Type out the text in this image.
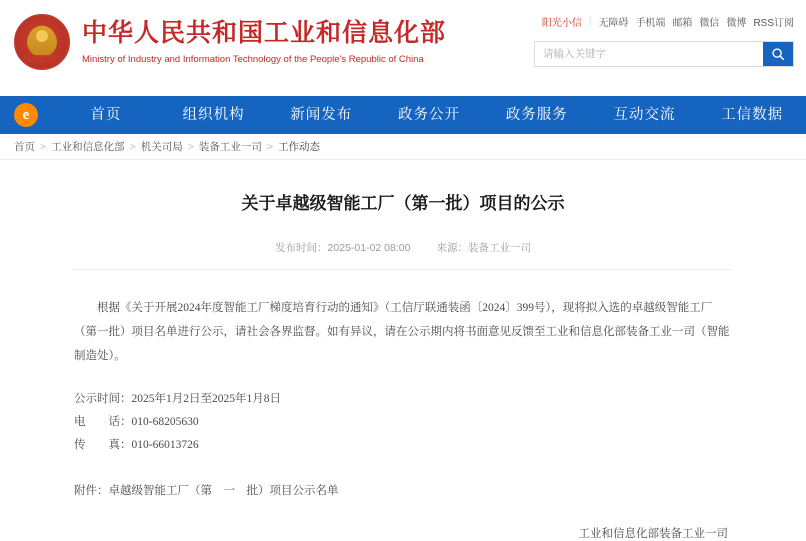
中华人民共和国工业和信息化部
Ministry of Industry and Information Technology of the People's Republic of China
阳光小信 | 无障碍 手机端 邮箱 微信 微博 RSS订阅
请输入关键字
e	首页	组织机构	新闻发布	政务公开	政务服务	互动交流	工信数据
首页 > 工业和信息化部 > 机关司局 > 装备工业一司 > 工作动态
关于卓越级智能工厂（第一批）项目的公示
发布时间：2025-01-02 08:00 来源：装备工业一司
根据《关于开展2024年度智能工厂梯度培育行动的通知》（工信厅联通装函〔2024〕399号），现将拟入选的卓越级智能工厂（第一批）项目名单进行公示，请社会各界监督。如有异议，请在公示期内将书面意见反馈至工业和信息化部装备工业一司（智能制造处）。
公示时间：2025年1月2日至2025年1月8日
电　　话：010-68205630
传　　真：010-66013726
附件：卓越级智能工厂（第　一　批）项目公示名单
工业和信息化部装备工业一司
